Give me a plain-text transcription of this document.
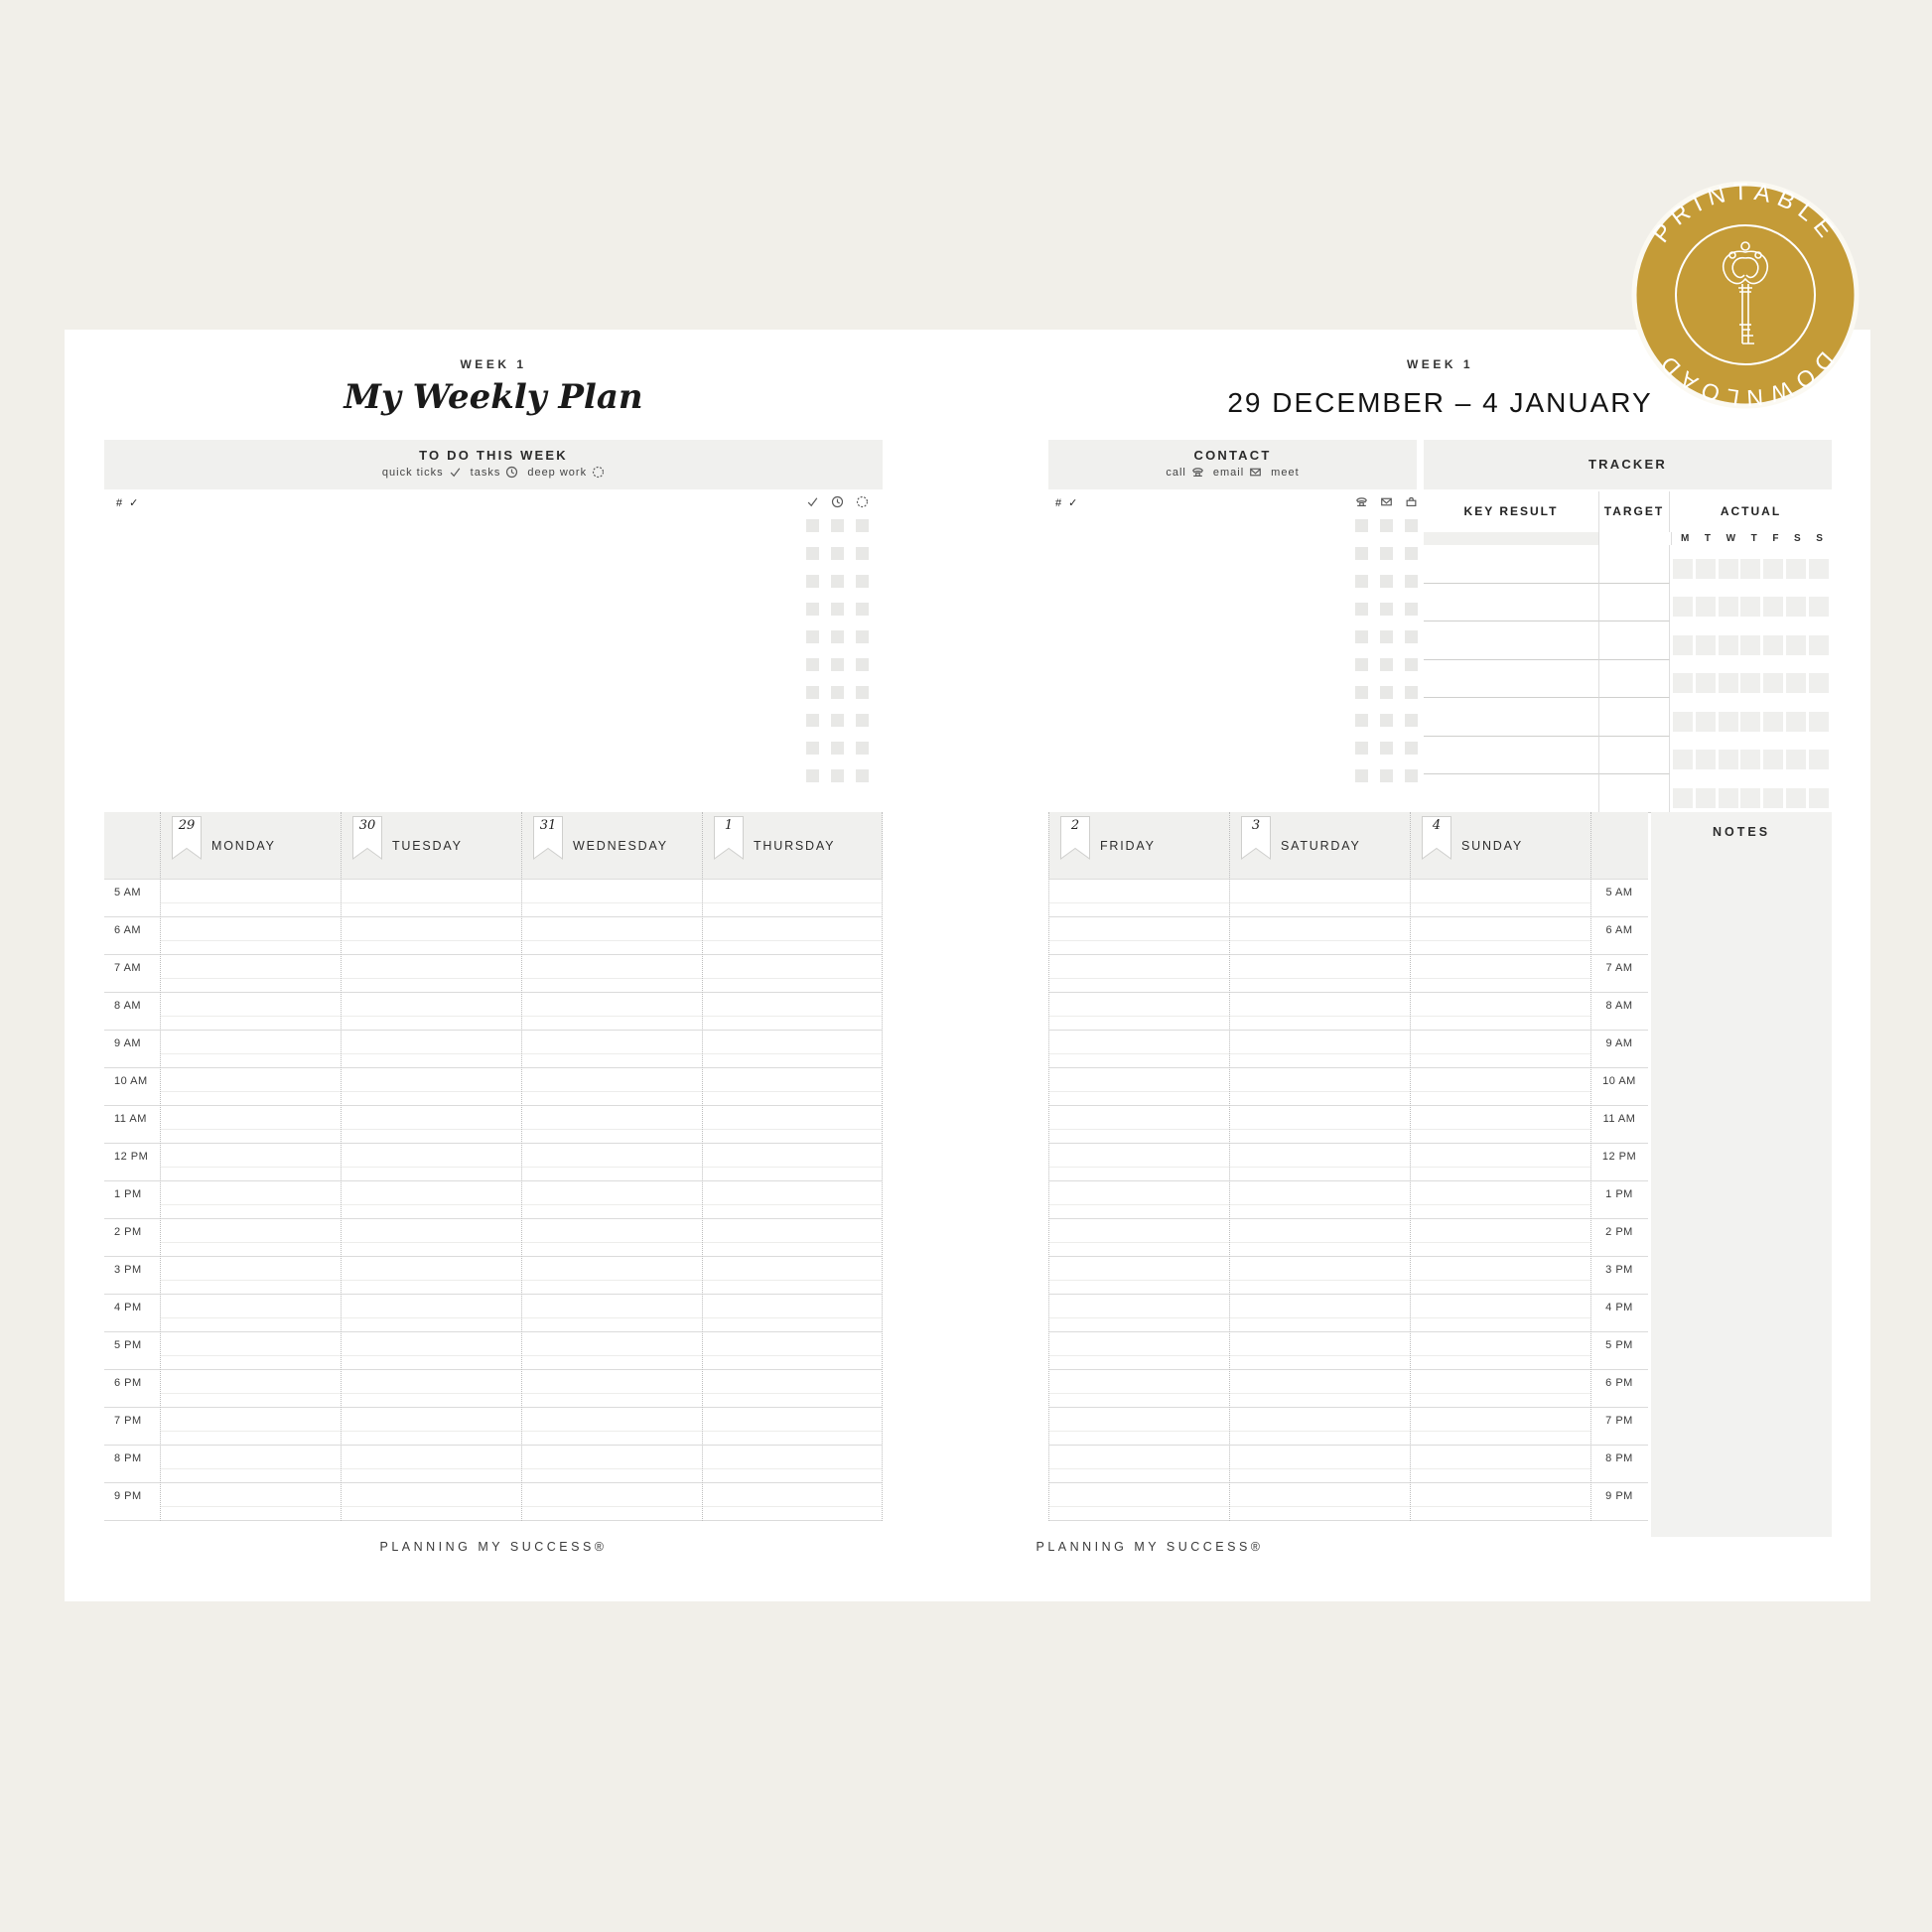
WEEK 1
My Weekly Plan
TO DO THIS WEEK
quick ticks tasks deep work
# ✓
29
MONDAY
30
TUESDAY
31
WEDNESDAY
1
THURSDAY
5 AM
6 AM
7 AM
8 AM
9 AM
10 AM
11 AM
12 PM
1 PM
2 PM
3 PM
4 PM
5 PM
6 PM
7 PM
8 PM
9 PM
PLANNING MY SUCCESS®
WEEK 1
29 DECEMBER – 4 JANUARY
CONTACT
call email meet
TRACKER
# ✓
KEY RESULT	TARGET	ACTUAL
M T W T F S S
2
FRIDAY
3
SATURDAY
4
SUNDAY
5 AM
6 AM
7 AM
8 AM
9 AM
10 AM
11 AM
12 PM
1 PM
2 PM
3 PM
4 PM
5 PM
6 PM
7 PM
8 PM
9 PM
NOTES
PLANNING MY SUCCESS®
PRINTABLE
DOWNLOAD
